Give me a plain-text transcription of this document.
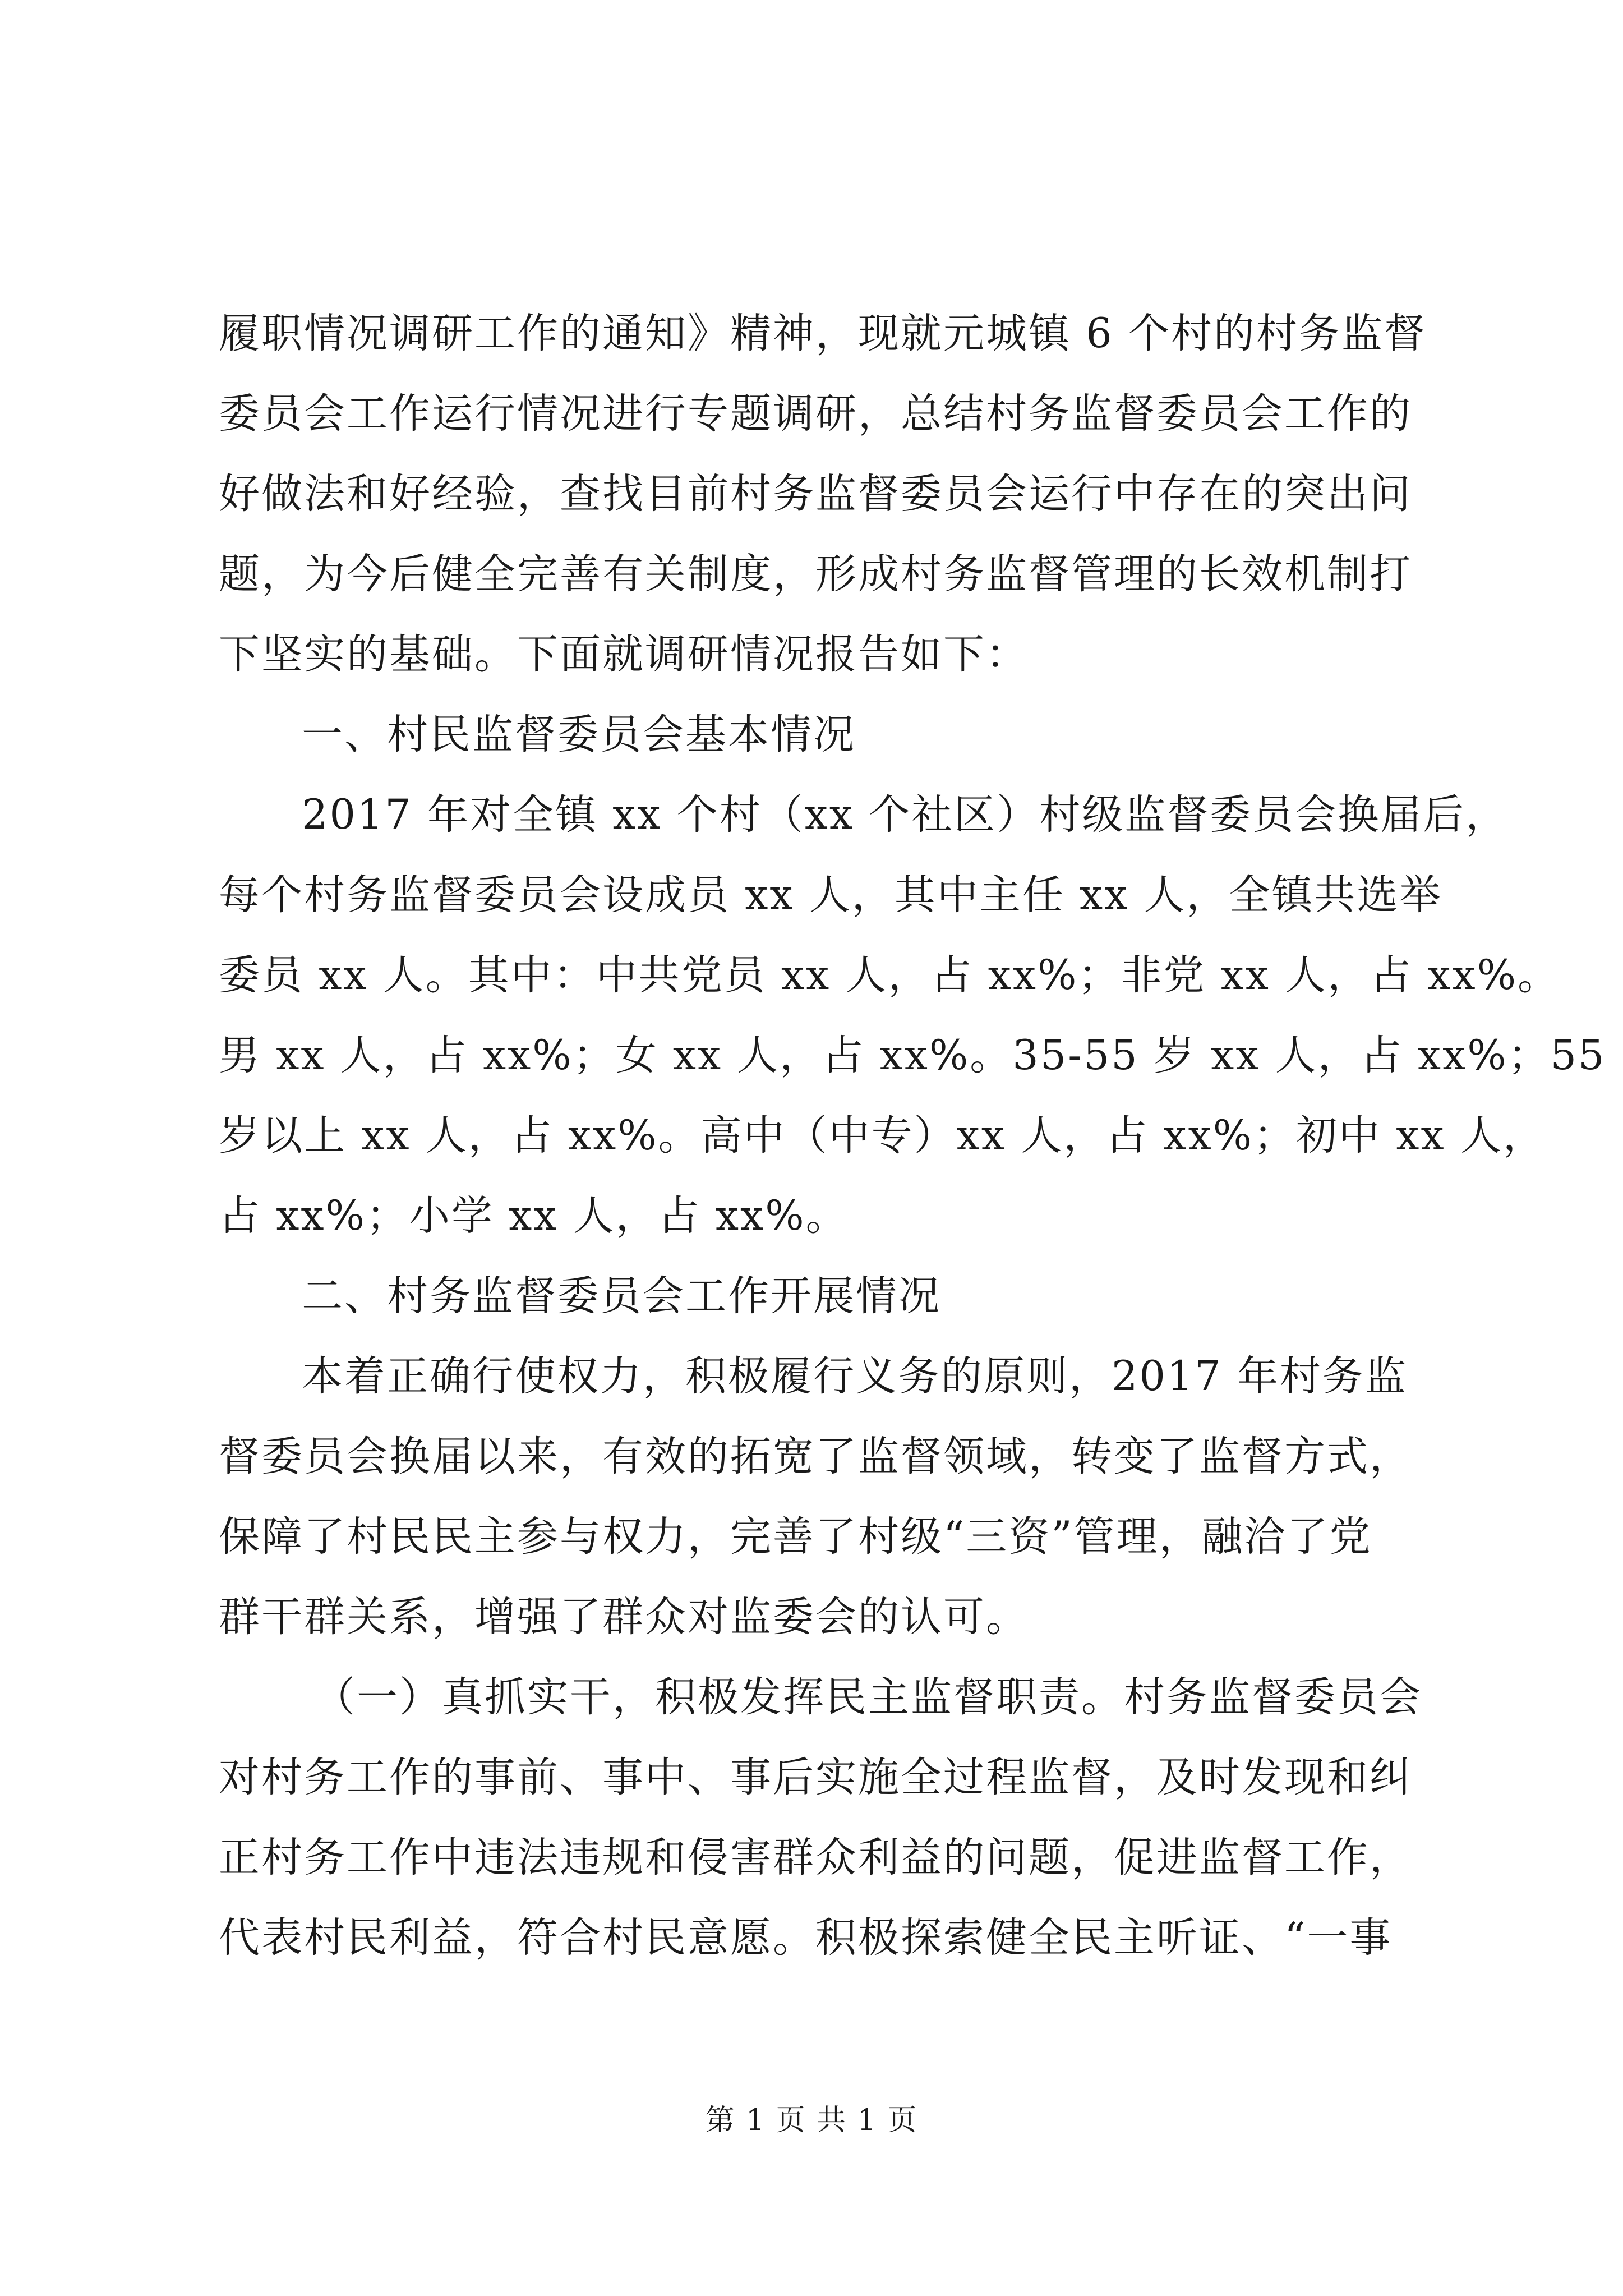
履职情况调研工作的通知》精神，现就元城镇 6 个村的村务监督
委员会工作运行情况进行专题调研，总结村务监督委员会工作的
好做法和好经验，查找目前村务监督委员会运行中存在的突出问
题，为今后健全完善有关制度，形成村务监督管理的长效机制打
下坚实的基础。下面就调研情况报告如下：
一、村民监督委员会基本情况
2017 年对全镇 xx 个村（xx 个社区）村级监督委员会换届后，
每个村务监督委员会设成员 xx 人，其中主任 xx 人，全镇共选举
委员 xx 人。其中：中共党员 xx 人，占 xx%；非党 xx 人，占 xx%。
男 xx 人，占 xx%；女 xx 人，占 xx%。35-55 岁 xx 人，占 xx%；55
岁以上 xx 人，占 xx%。高中（中专）xx 人，占 xx%；初中 xx 人，
占 xx%；小学 xx 人，占 xx%。
二、村务监督委员会工作开展情况
本着正确行使权力，积极履行义务的原则，2017 年村务监
督委员会换届以来，有效的拓宽了监督领域，转变了监督方式，
保障了村民民主参与权力，完善了村级“三资”管理，融洽了党
群干群关系，增强了群众对监委会的认可。
（一）真抓实干，积极发挥民主监督职责。村务监督委员会
对村务工作的事前、事中、事后实施全过程监督，及时发现和纠
正村务工作中违法违规和侵害群众利益的问题，促进监督工作，
代表村民利益，符合村民意愿。积极探索健全民主听证、“一事
第 1 页 共 1 页
